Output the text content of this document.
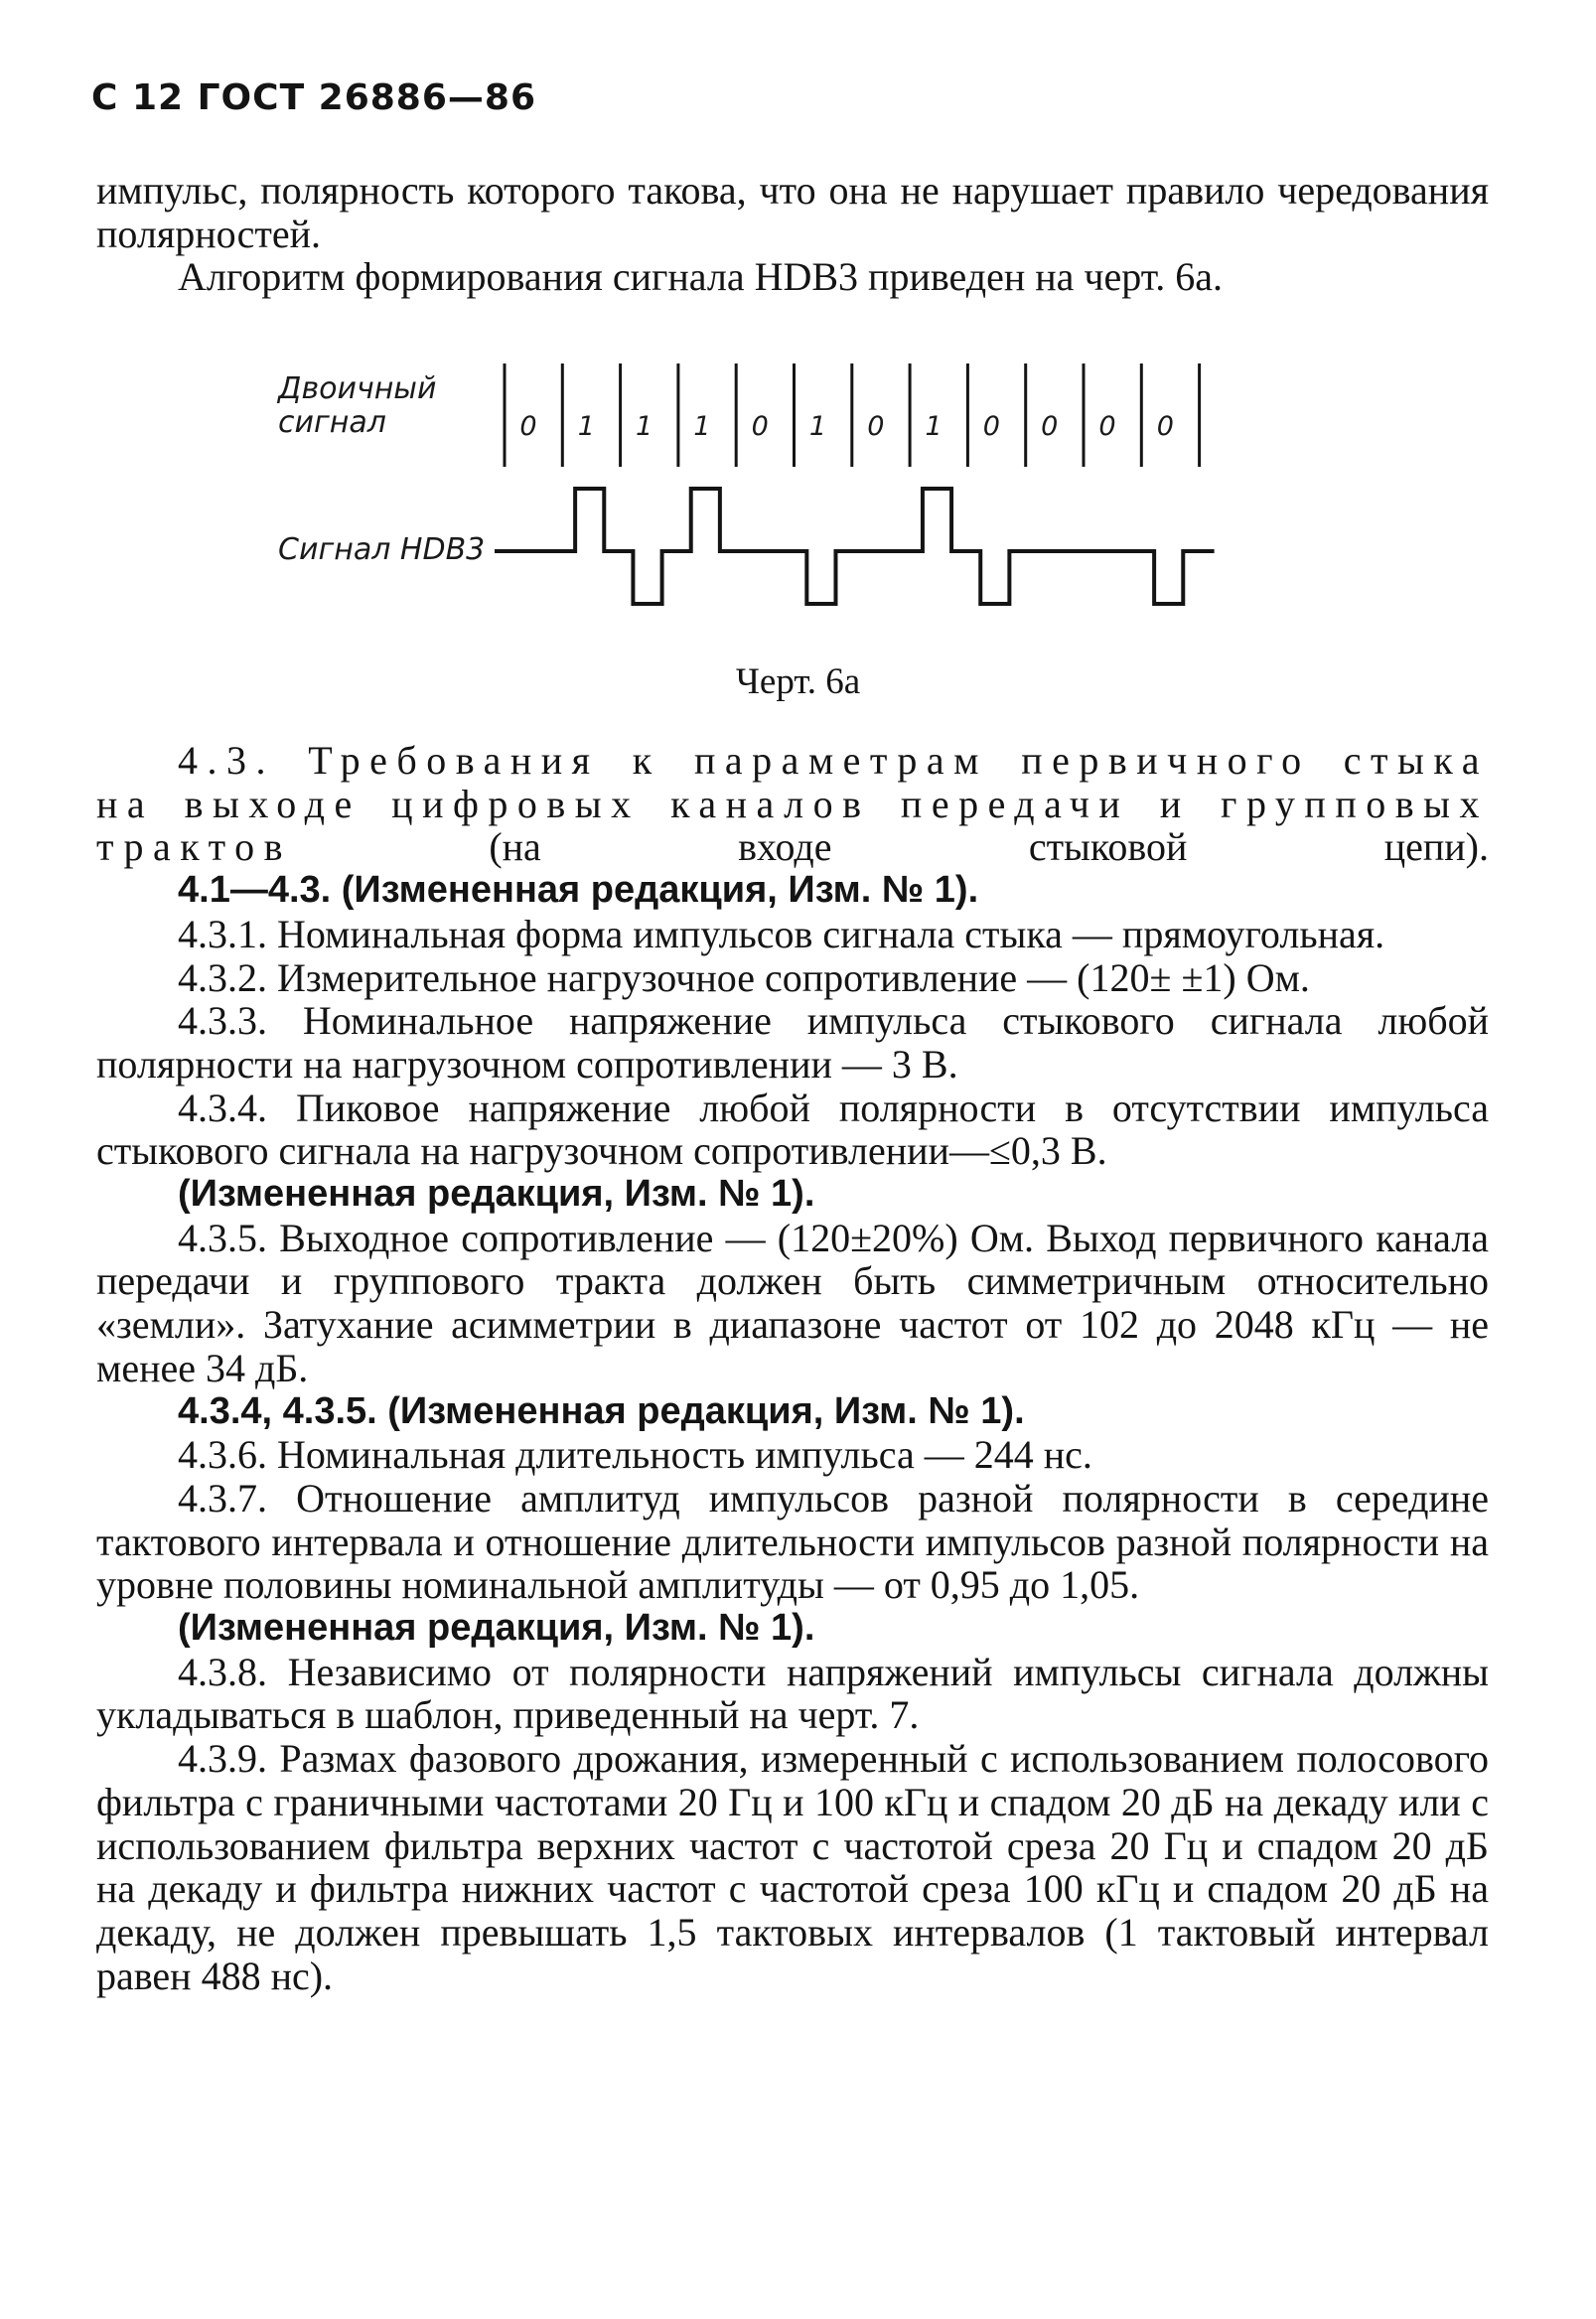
С 12 ГОСТ 26886—86
импульс, полярность которого такова, что она не нарушает правило чередования полярностей.
Алгоритм формирования сигнала HDB3 приведен на черт. 6а.
Двоичный
сигнал
Сигнал HDB3
0 1 1 1 0 1 0 1 0 0 0 0
Черт. 6а
4.3. Требования к параметрам первичного стыка на выходе цифровых каналов передачи и групповых трактов (на входе стыковой цепи).
4.1—4.3. (Измененная редакция, Изм. № 1).
4.3.1. Номинальная форма импульсов сигнала стыка — прямоугольная.
4.3.2. Измерительное нагрузочное сопротивление — (120± ±1) Ом.
4.3.3. Номинальное напряжение импульса стыкового сигнала любой полярности на нагрузочном сопротивлении — 3 В.
4.3.4. Пиковое напряжение любой полярности в отсутствии импульса стыкового сигнала на нагрузочном сопротивлении—≤0,3 В.
(Измененная редакция, Изм. № 1).
4.3.5. Выходное сопротивление — (120±20%) Ом. Выход первичного канала передачи и группового тракта должен быть симметричным относительно «земли». Затухание асимметрии в диапазоне частот от 102 до 2048 кГц — не менее 34 дБ.
4.3.4, 4.3.5. (Измененная редакция, Изм. № 1).
4.3.6. Номинальная длительность импульса — 244 нс.
4.3.7. Отношение амплитуд импульсов разной полярности в середине тактового интервала и отношение длительности импульсов разной полярности на уровне половины номинальной амплитуды — от 0,95 до 1,05.
(Измененная редакция, Изм. № 1).
4.3.8. Независимо от полярности напряжений импульсы сигнала должны укладываться в шаблон, приведенный на черт. 7.
4.3.9. Размах фазового дрожания, измеренный с использованием полосового фильтра с граничными частотами 20 Гц и 100 кГц и спадом 20 дБ на декаду или с использованием фильтра верхних частот с частотой среза 20 Гц и спадом 20 дБ на декаду и фильтра нижних частот с частотой среза 100 кГц и спадом 20 дБ на декаду, не должен превышать 1,5 тактовых интервалов (1 тактовый интервал равен 488 нс).
